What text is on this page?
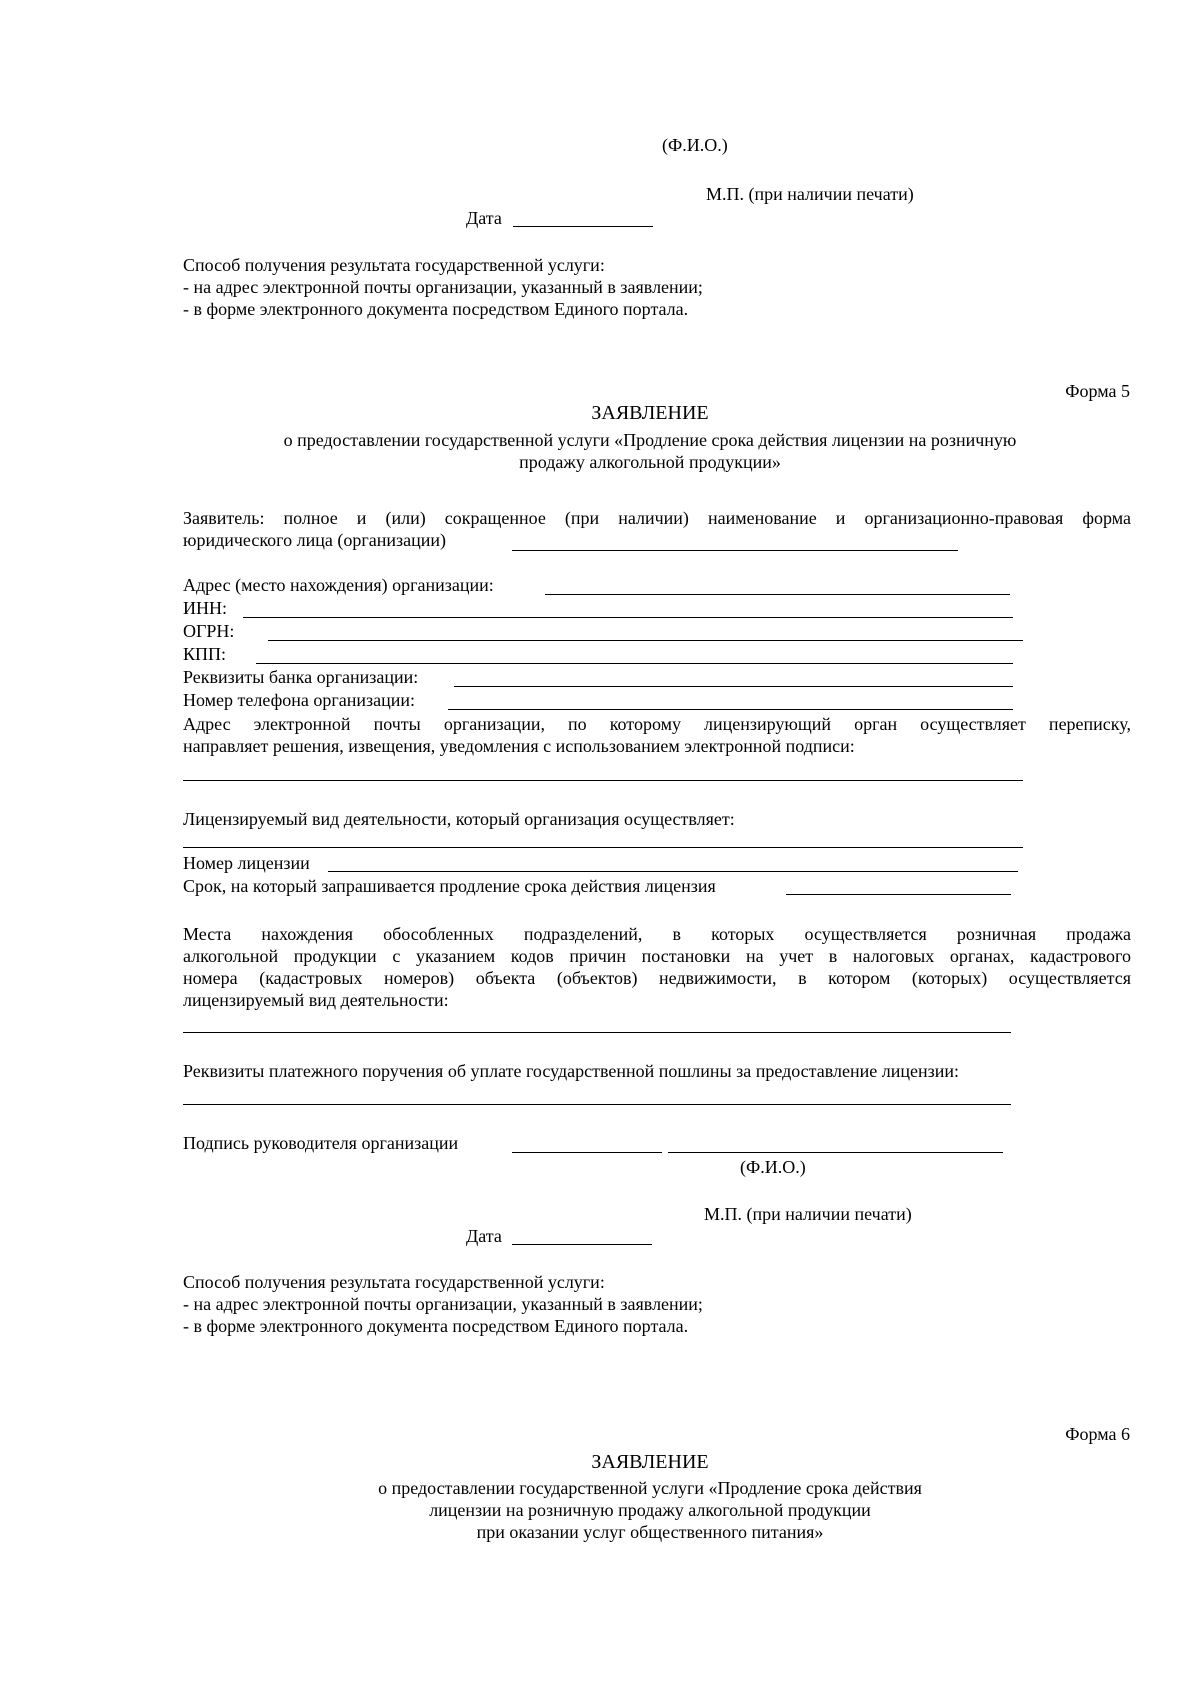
(Ф.И.О.)
М.П. (при наличии печати)
Дата
Способ получения результата государственной услуги:
- на адрес электронной почты организации, указанный в заявлении;
- в форме электронного документа посредством Единого портала.
Форма 5
ЗАЯВЛЕНИЕ
о предоставлении государственной услуги «Продление срока действия лицензии на розничную
продажу алкогольной продукции»
Заявитель: полное и (или) сокращенное (при наличии) наименование и организационно-правовая форма
юридического лица (организации)
Адрес (место нахождения) организации:
ИНН:
ОГРН:
КПП:
Реквизиты банка организации:
Номер телефона организации:
Адрес электронной почты организации, по которому лицензирующий орган осуществляет переписку,
направляет решения, извещения, уведомления с использованием электронной подписи:
Лицензируемый вид деятельности, который организация осуществляет:
Номер лицензии
Срок, на который запрашивается продление срока действия лицензия
Места нахождения обособленных подразделений, в которых осуществляется розничная продажа
алкогольной продукции с указанием кодов причин постановки на учет в налоговых органах, кадастрового
номера (кадастровых номеров) объекта (объектов) недвижимости, в котором (которых) осуществляется
лицензируемый вид деятельности:
Реквизиты платежного поручения об уплате государственной пошлины за предоставление лицензии:
Подпись руководителя организации
(Ф.И.О.)
М.П. (при наличии печати)
Дата
Способ получения результата государственной услуги:
- на адрес электронной почты организации, указанный в заявлении;
- в форме электронного документа посредством Единого портала.
Форма 6
ЗАЯВЛЕНИЕ
о предоставлении государственной услуги «Продление срока действия
лицензии на розничную продажу алкогольной продукции
при оказании услуг общественного питания»
